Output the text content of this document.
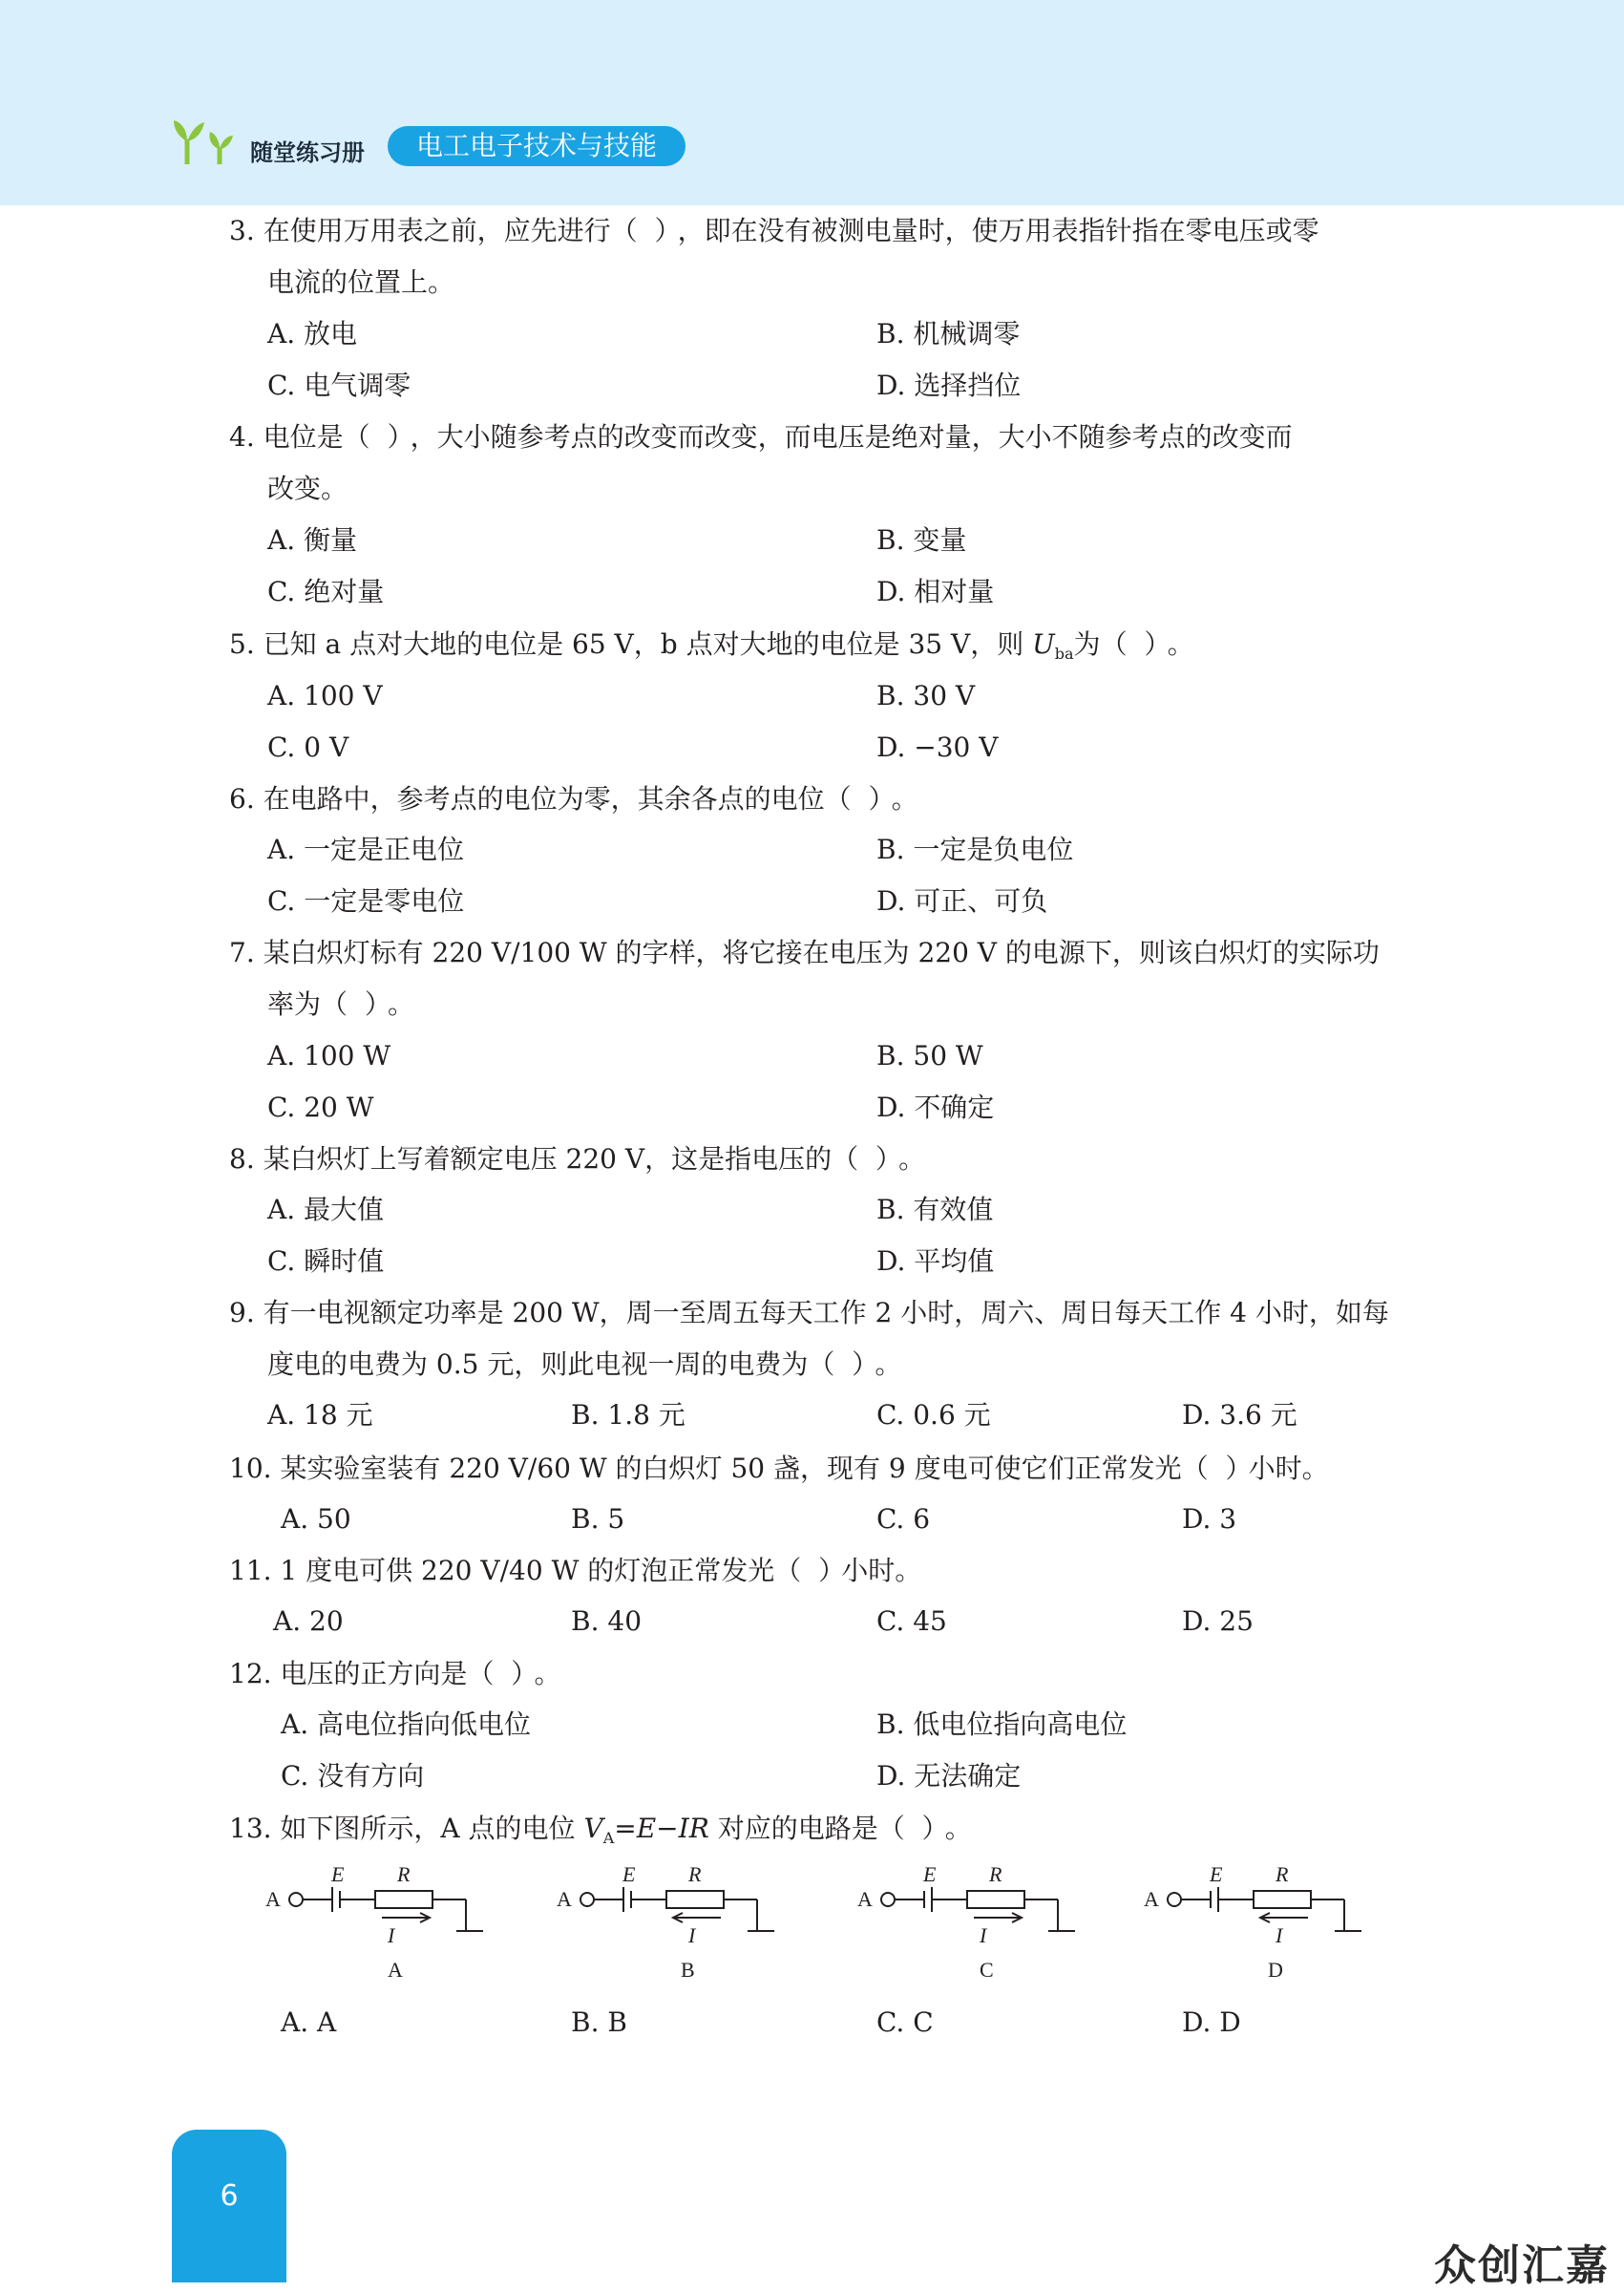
随堂练习册	电工电子技术与技能
3. 在使用万用表之前，应先进行（ ），即在没有被测电量时，使万用表指针指在零电压或零
电流的位置上。
A. 放电	B. 机械调零
C. 电气调零	D. 选择挡位
4. 电位是（ ），大小随参考点的改变而改变，而电压是绝对量，大小不随参考点的改变而
改变。
A. 衡量	B. 变量
C. 绝对量	D. 相对量
5. 已知 a 点对大地的电位是 65 V，b 点对大地的电位是 35 V，则 $U_{ba}$为（ ）。
A. 100 V	B. 30 V
C. 0 V	D. −30 V
6. 在电路中，参考点的电位为零，其余各点的电位（ ）。
A. 一定是正电位	B. 一定是负电位
C. 一定是零电位	D. 可正、可负
7. 某白炽灯标有 220 V/100 W 的字样，将它接在电压为 220 V 的电源下，则该白炽灯的实际功
率为（ ）。
A. 100 W	B. 50 W
C. 20 W	D. 不确定
8. 某白炽灯上写着额定电压 220 V，这是指电压的（ ）。
A. 最大值	B. 有效值
C. 瞬时值	D. 平均值
9. 有一电视额定功率是 200 W，周一至周五每天工作 2 小时，周六、周日每天工作 4 小时，如每
度电的电费为 0.5 元，则此电视一周的电费为（ ）。
A. 18 元	B. 1.8 元	C. 0.6 元	D. 3.6 元
10. 某实验室装有 220 V/60 W 的白炽灯 50 盏，现有 9 度电可使它们正常发光（ ）小时。
A. 50	B. 5	C. 6	D. 3
11. 1 度电可供 220 V/40 W 的灯泡正常发光（ ）小时。
A. 20	B. 40	C. 45	D. 25
12. 电压的正方向是（ ）。
A. 高电位指向低电位	B. 低电位指向高电位
C. 没有方向	D. 无法确定
13. 如下图所示，A 点的电位 $V_A=E-IR$ 对应的电路是（ ）。
A
E	R
I
A
A
E	R
I
B
A
E	R
I
C
A
E	R
I
D
A. A	B. B	C. C	D. D
6
众创汇嘉
